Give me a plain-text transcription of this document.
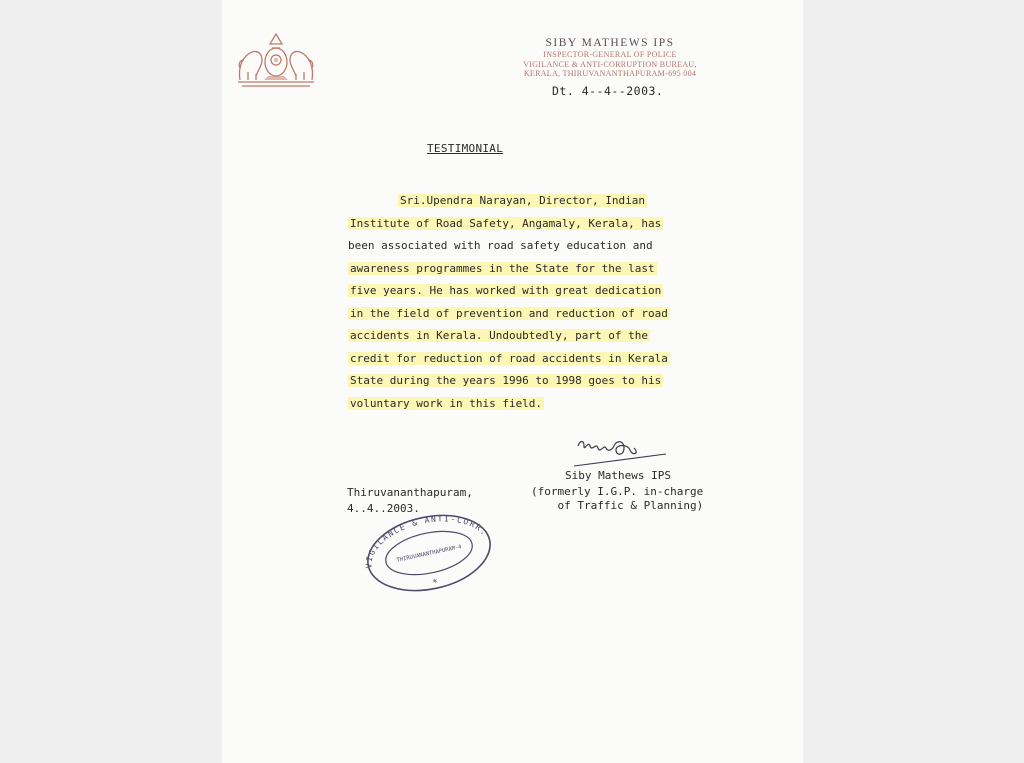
SIBY MATHEWS IPS
INSPECTOR-GENERAL OF POLICE
VIGILANCE & ANTI-CORRUPTION BUREAU,
KERALA, THIRUVANANTHAPURAM-695 004
Dt. 4--4--2003.
TESTIMONIAL
Sri.Upendra Narayan, Director, Indian
Institute of Road Safety, Angamaly, Kerala, has
been associated with road safety education and
awareness programmes in the State for the last
five years. He has worked with great dedication
in the field of prevention and reduction of road
accidents in Kerala. Undoubtedly, part of the
credit for reduction of road accidents in Kerala
State during the years 1996 to 1998 goes to his
voluntary work in this field.
Siby Mathews IPS
(formerly I.G.P. in-charge
of Traffic & Planning)
Thiruvananthapuram,
4..4..2003.
VIGILANCE & ANTI-CORR.
THIRUVANANTHAPURAM-4
*
